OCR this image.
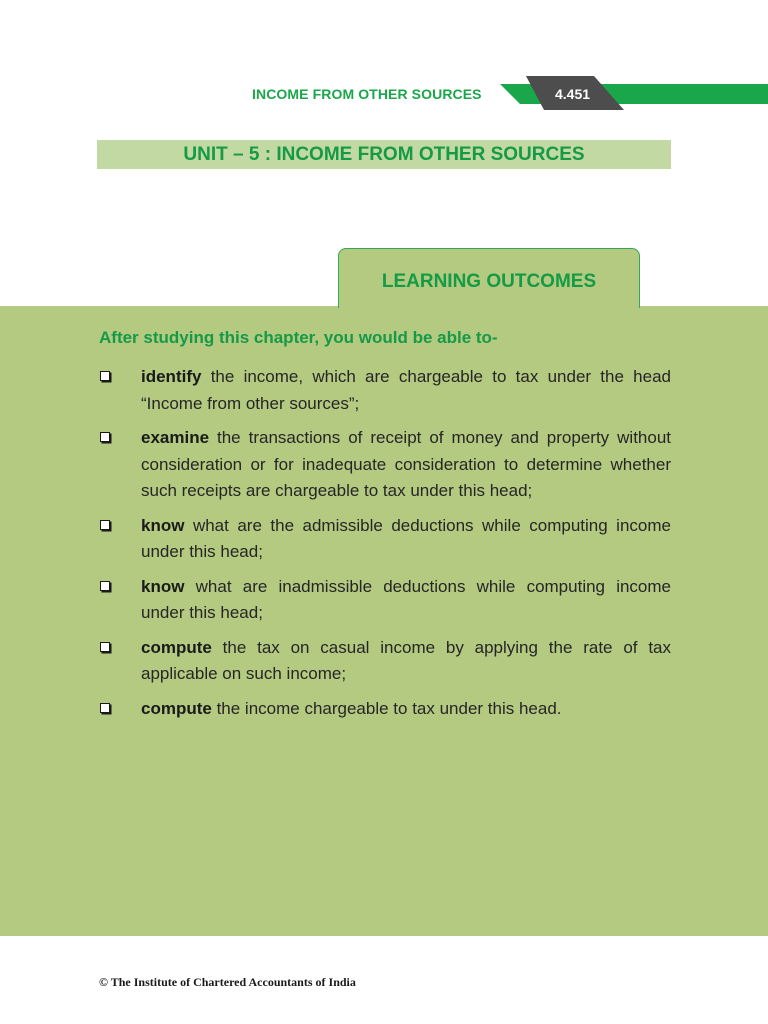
INCOME FROM OTHER SOURCES	4.451
UNIT – 5 : INCOME FROM OTHER SOURCES
After studying this chapter, you would be able to-
identify the income, which are chargeable to tax under the head “Income from other sources”;
examine the transactions of receipt of money and property without consideration or for inadequate consideration to determine whether such receipts are chargeable to tax under this head;
know what are the admissible deductions while computing income under this head;
know what are inadmissible deductions while computing income under this head;
compute the tax on casual income by applying the rate of tax applicable on such income;
compute the income chargeable to tax under this head.
LEARNING OUTCOMES
© The Institute of Chartered Accountants of India
